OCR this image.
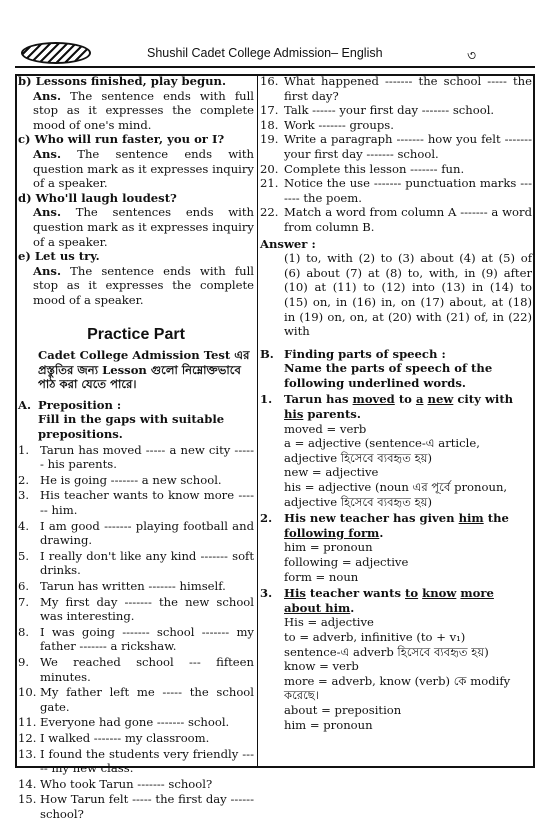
Shushil Cadet College Admission– English	৩

b) Lessons finished, play begun.

Ans. The sentence ends with full stop as it expresses the complete mood of one's mind.

c) Who will run faster, you or I?

Ans. The sentence ends with question mark as it expresses inquiry of a speaker.

d) Who'll laugh loudest?

Ans. The sentences ends with question mark as it expresses inquiry of a speaker.

e) Let us try.

Ans. The sentence ends with full stop as it expresses the complete mood of a speaker.

Practice Part

Cadet College Admission Test এর প্রস্তুতির জন্য Lesson গুলো নিম্নোক্তভাবে পাঠ করা যেতে পারে।

A. Preposition :

Fill in the gaps with suitable prepositions.

1. Tarun has moved ----- a new city ------ his parents.
2. He is going ------- a new school.
3. His teacher wants to know more ------ him.
4. I am good ------- playing football and drawing.
5. I really don't like any kind ------- soft drinks.
6. Tarun has written ------- himself.
7. My first day ------- the new school was interesting.
8. I was going ------- school ------- my father ------- a rickshaw.
9. We reached school --- fifteen minutes.
10. My father left me ----- the school gate.
11. Everyone had gone ------- school.
12. I walked ------- my classroom.
13. I found the students very friendly ----- my new class.
14. Who took Tarun ------- school?
15. How Tarun felt ----- the first day ------ school?
16. What happened ------- the school ----- the first day?
17. Talk ------ your first day ------- school.
18. Work ------- groups.
19. Write a paragraph ------- how you felt ------- your first day ------- school.
20. Complete this lesson ------- fun.
21. Notice the use ------- punctuation marks ------- the poem.
22. Match a word from column A ------- a word from column B.

Answer :

(1) to, with (2) to (3) about (4) at (5) of (6) about (7) at (8) to, with, in (9) after (10) at (11) to (12) into (13) in (14) to (15) on, in (16) in, on (17) about, at (18) in (19) on, on, at (20) with (21) of, in (22) with

B. Finding parts of speech :

Name the parts of speech of the following underlined words.

1.	Tarun has moved to a new city with his parents.

moved = verb

a = adjective (sentence-এ article, adjective হিসেবে ব্যবহৃত হয়)

new = adjective

his = adjective (noun এর পূর্বে pronoun, adjective হিসেবে ব্যবহৃত হয়)

2.	His new teacher has given him the following form.

him = pronoun

following = adjective

form = noun

3.	His teacher wants to know more about him.

His = adjective

to = adverb, infinitive (to + v₁)

sentence-এ adverb হিসেবে ব্যবহৃত হয়)

know = verb

more = adverb, know (verb) কে modify করেছে।

about = preposition

him = pronoun
